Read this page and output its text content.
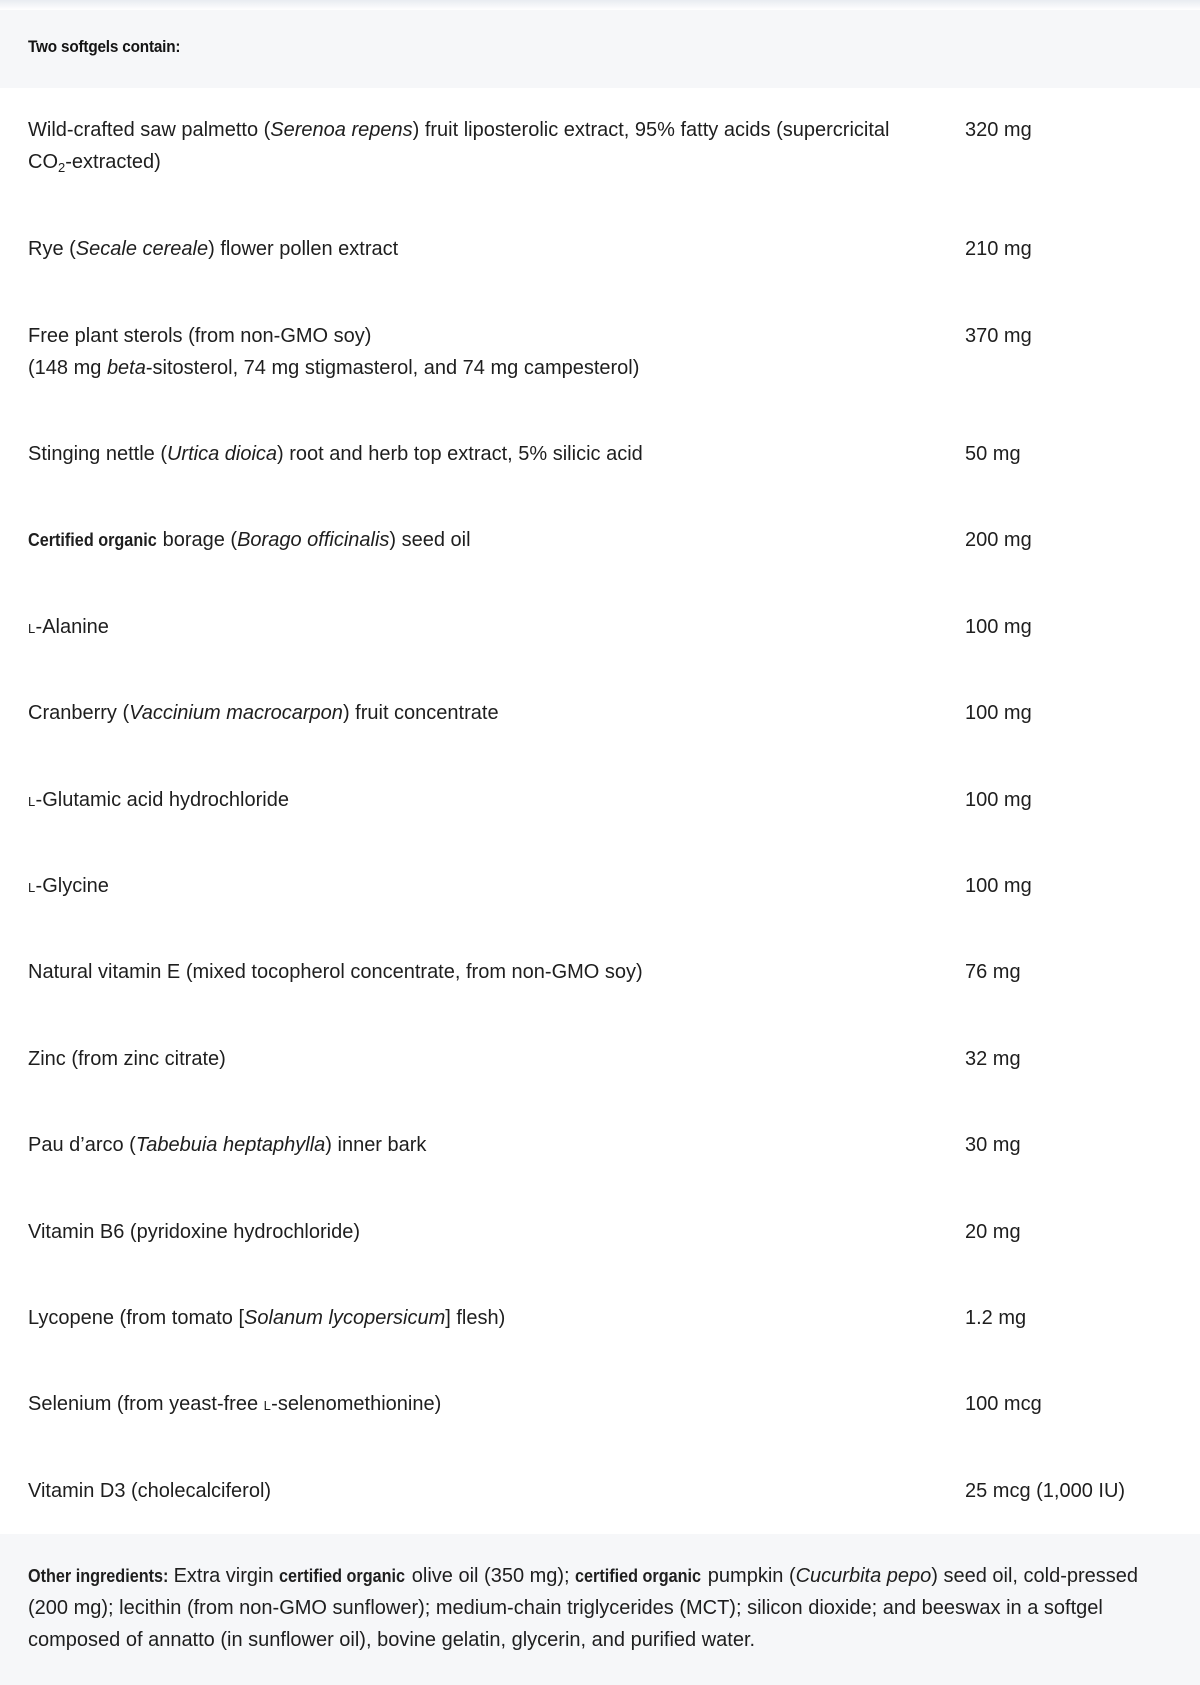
Two softgels contain:
Wild-crafted saw palmetto (Serenoa repens) fruit liposterolic extract, 95% fatty acids (supercricital
$CO_2-extracted$)
320 mg
Rye (Secale cereale) flower pollen extract	210 mg
Free plant sterols (from non-GMO soy)
(148 mg beta-sitosterol, 74 mg stigmasterol, and 74 mg campesterol)
370 mg
Stinging nettle (Urtica dioica) root and herb top extract, 5% silicic acid	50 mg
Certified organic borage (Borago officinalis) seed oil	200 mg
L-Alanine	100 mg
Cranberry (Vaccinium macrocarpon) fruit concentrate	100 mg
L-Glutamic acid hydrochloride	100 mg
L-Glycine	100 mg
Natural vitamin E (mixed tocopherol concentrate, from non-GMO soy)	76 mg
Zinc (from zinc citrate)	32 mg
Pau d’arco (Tabebuia heptaphylla) inner bark	30 mg
Vitamin B6 (pyridoxine hydrochloride)	20 mg
Lycopene (from tomato [Solanum lycopersicum] flesh)	1.2 mg
Selenium (from yeast-free L-selenomethionine)	100 mcg
Vitamin D3 (cholecalciferol)	25 mcg (1,000 IU)

Other ingredients: Extra virgin certified organic olive oil (350 mg); certified organic pumpkin (Cucurbita pepo) seed oil, cold-pressed (200 mg); lecithin (from non-GMO sunflower); medium-chain triglycerides (MCT); silicon dioxide; and beeswax in a softgel composed of annatto (in sunflower oil), bovine gelatin, glycerin, and purified water.
